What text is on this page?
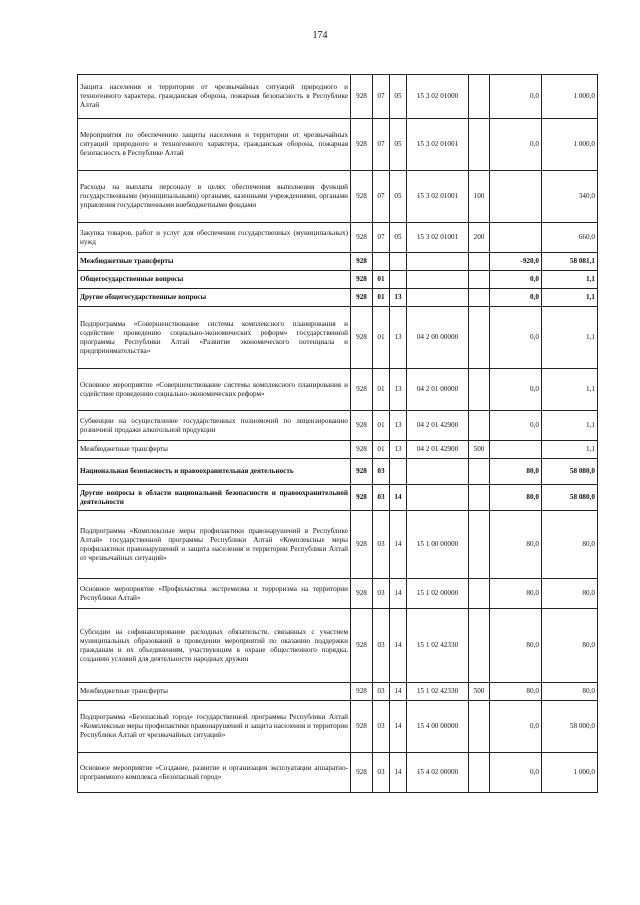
174
Защита населения и территории от чрезвычайных ситуаций природного и техногенного характера, гражданская оборона, пожарная безопасность в Республике Алтай	928	07	05	15 3 02 01000		0,0	1 000,0
Мероприятия по обеспечению защиты населения и территории от чрезвычайных ситуаций природного и техногенного характера, гражданская оборона, пожарная безопасность в Республике Алтай	928	07	05	15 3 02 01001		0,0	1 000,0
Расходы на выплаты персоналу в целях обеспечения выполнения функций государственными (муниципальными) органами, казенными учреждениями, органами управления государственными внебюджетными фондами	928	07	05	15 3 02 01001	100		340,0
Закупка товаров, работ и услуг для обеспечения государственных (муниципальных) нужд	928	07	05	15 3 02 01001	200		660,0
Межбюджетные трансферты	928					-920,0	58 081,1
Общегосударственные вопросы	928	01				0,0	1,1
Другие общегосударственные вопросы	928	01	13			0,0	1,1
Подпрограмма «Совершенствование системы комплексного планирования и содействие проведению социально-экономических реформ» государственной программы Республики Алтай «Развитие экономического потенциала и предпринимательства»	928	01	13	04 2 00 00000		0,0	1,1
Основное мероприятие «Совершенствование системы комплексного планирования и содействие проведению социально-экономических реформ»	928	01	13	04 2 01 00000		0,0	1,1
Субвенции на осуществление государственных полномочий по лицензированию розничной продажи алкогольной продукции	928	01	13	04 2 01 42900		0,0	1,1
Межбюджетные трансферты	928	01	13	04 2 01 42900	500		1,1
Национальная безопасность и правоохранительная деятельность	928	03				80,0	58 080,0
Другие вопросы в области национальной безопасности и правоохранительной деятельности	928	03	14			80,0	58 080,0
Подпрограмма «Комплексные меры профилактики правонарушений в Республике Алтай» государственной программы Республики Алтай «Комплексные меры профилактики правонарушений и защита населения и территории Республики Алтай от чрезвычайных ситуаций»	928	03	14	15 1 00 00000		80,0	80,0
Основное мероприятие «Профилактика экстремизма и терроризма на территории Республики Алтай»	928	03	14	15 1 02 00000		80,0	80,0
Субсидии на софинансирование расходных обязательств, связанных с участием муниципальных образований в проведении мероприятий по оказанию поддержки гражданам и их объединениям, участвующим в охране общественного порядка, созданию условий для деятельности народных дружин	928	03	14	15 1 02 42330		80,0	80,0
Межбюджетные трансферты	928	03	14	15 1 02 42330	500	80,0	80,0
Подпрограмма «Безопасный город» государственной программы Республики Алтай «Комплексные меры профилактики правонарушений и защита населения и территории Республики Алтай от чрезвычайных ситуаций»	928	03	14	15 4 00 00000		0,0	58 000,0
Основное мероприятие «Создание, развитие и организация эксплуатации аппаратно-программного комплекса «Безопасный город»	928	03	14	15 4 02 00000		0,0	1 000,0
